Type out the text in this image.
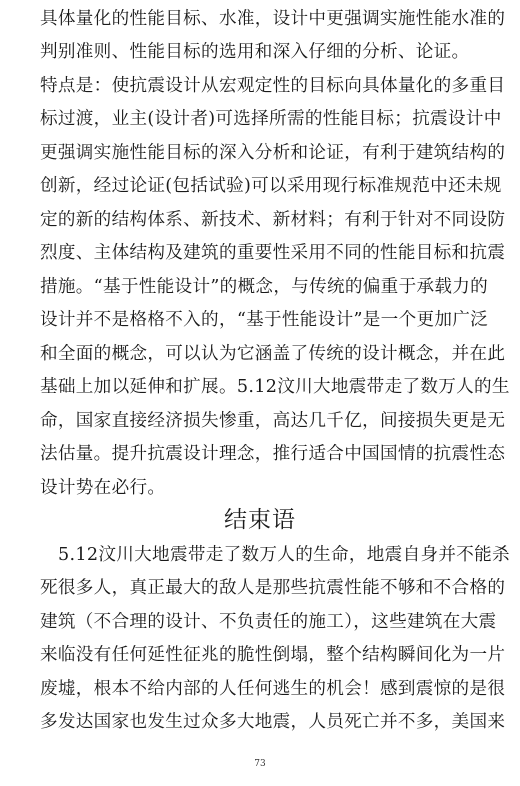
具体量化的性能目标、水准，设计中更强调实施性能水准的
判别准则、性能目标的选用和深入仔细的分析、论证。
特点是：使抗震设计从宏观定性的目标向具体量化的多重目
标过渡，业主(设计者)可选择所需的性能目标；抗震设计中
更强调实施性能目标的深入分析和论证，有利于建筑结构的
创新，经过论证(包括试验)可以采用现行标准规范中还未规
定的新的结构体系、新技术、新材料；有利于针对不同设防
烈度、主体结构及建筑的重要性采用不同的性能目标和抗震
措施。“基于性能设计”的概念，与传统的偏重于承载力的
设计并不是格格不入的，“基于性能设计”是一个更加广泛
和全面的概念，可以认为它涵盖了传统的设计概念，并在此
基础上加以延伸和扩展。5.12汶川大地震带走了数万人的生
命，国家直接经济损失惨重，高达几千亿，间接损失更是无
法估量。提升抗震设计理念，推行适合中国国情的抗震性态
设计势在必行。
结束语
5.12汶川大地震带走了数万人的生命，地震自身并不能杀
死很多人，真正最大的敌人是那些抗震性能不够和不合格的
建筑（不合理的设计、不负责任的施工），这些建筑在大震
来临没有任何延性征兆的脆性倒塌，整个结构瞬间化为一片
废墟，根本不给内部的人任何逃生的机会！感到震惊的是很
多发达国家也发生过众多大地震，人员死亡并不多，美国来
73
